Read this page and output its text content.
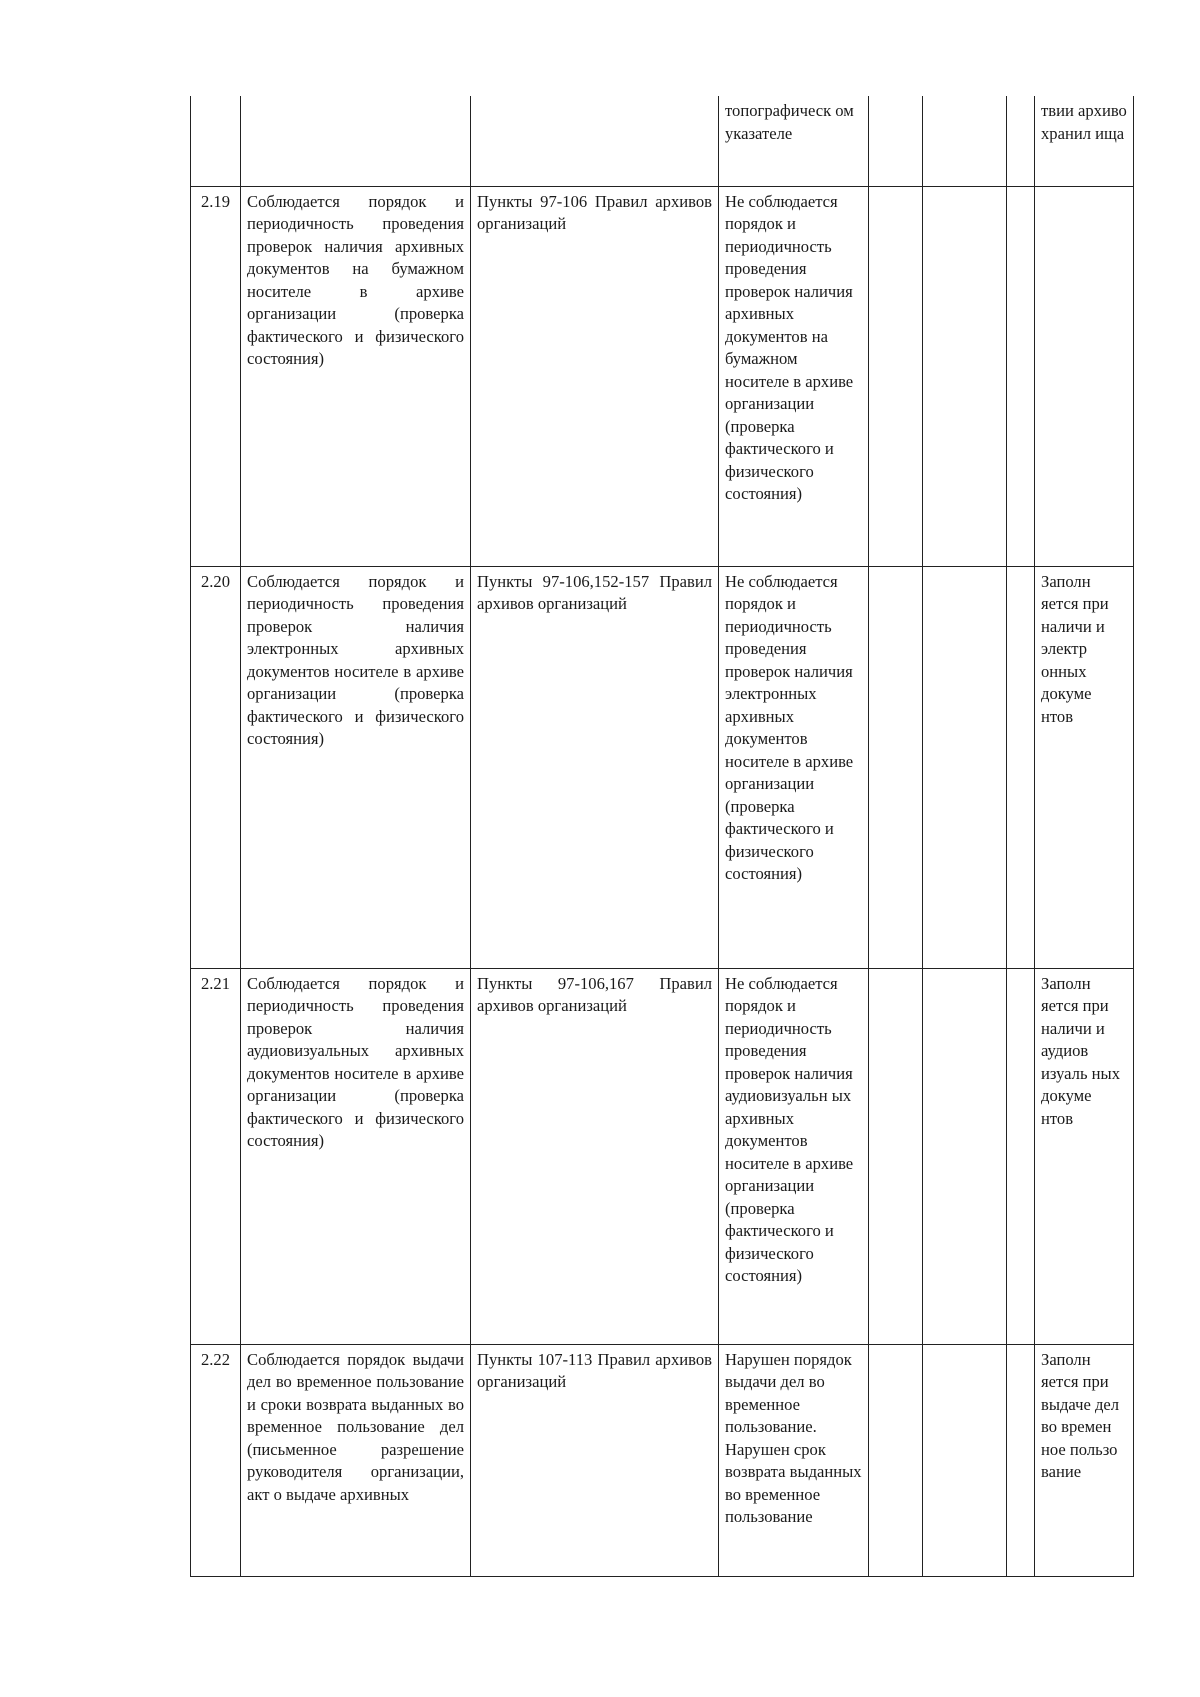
			топографическ ом указателе				твии архиво хранил ища
2.19	Соблюдается порядок и периодичность проведения проверок наличия архивных документов на бумажном носителе в архиве организации (проверка фактического и физического состояния)	Пункты 97-106 Правил архивов организаций	Не соблюдается порядок и периодичность проведения проверок наличия архивных документов на бумажном носителе в архиве организации (проверка фактического и физического состояния)				
2.20	Соблюдается порядок и периодичность проведения проверок наличия электронных архивных документов носителе в архиве организации (проверка фактического и физического состояния)	Пункты 97-106,152-157 Правил архивов организаций	Не соблюдается порядок и периодичность проведения проверок наличия электронных архивных документов носителе в архиве организации (проверка фактического и физического состояния)				Заполн яется при наличи и электр онных докуме нтов
2.21	Соблюдается порядок и периодичность проведения проверок наличия аудиовизуальных архивных документов носителе в архиве организации (проверка фактического и физического состояния)	Пункты 97-106,167 Правил архивов организаций	Не соблюдается порядок и периодичность проведения проверок наличия аудиовизуальн ых архивных документов носителе в архиве организации (проверка фактического и физического состояния)				Заполн яется при наличи и аудиов изуаль ных докуме нтов
2.22	Соблюдается порядок выдачи дел во временное пользование и сроки возврата выданных во временное пользование дел (письменное разрешение руководителя организации, акт о выдаче архивных	Пункты 107-113 Правил архивов организаций	Нарушен порядок выдачи дел во временное пользование. Нарушен срок возврата выданных во временное пользование				Заполн яется при выдаче дел во времен ное пользо вание
